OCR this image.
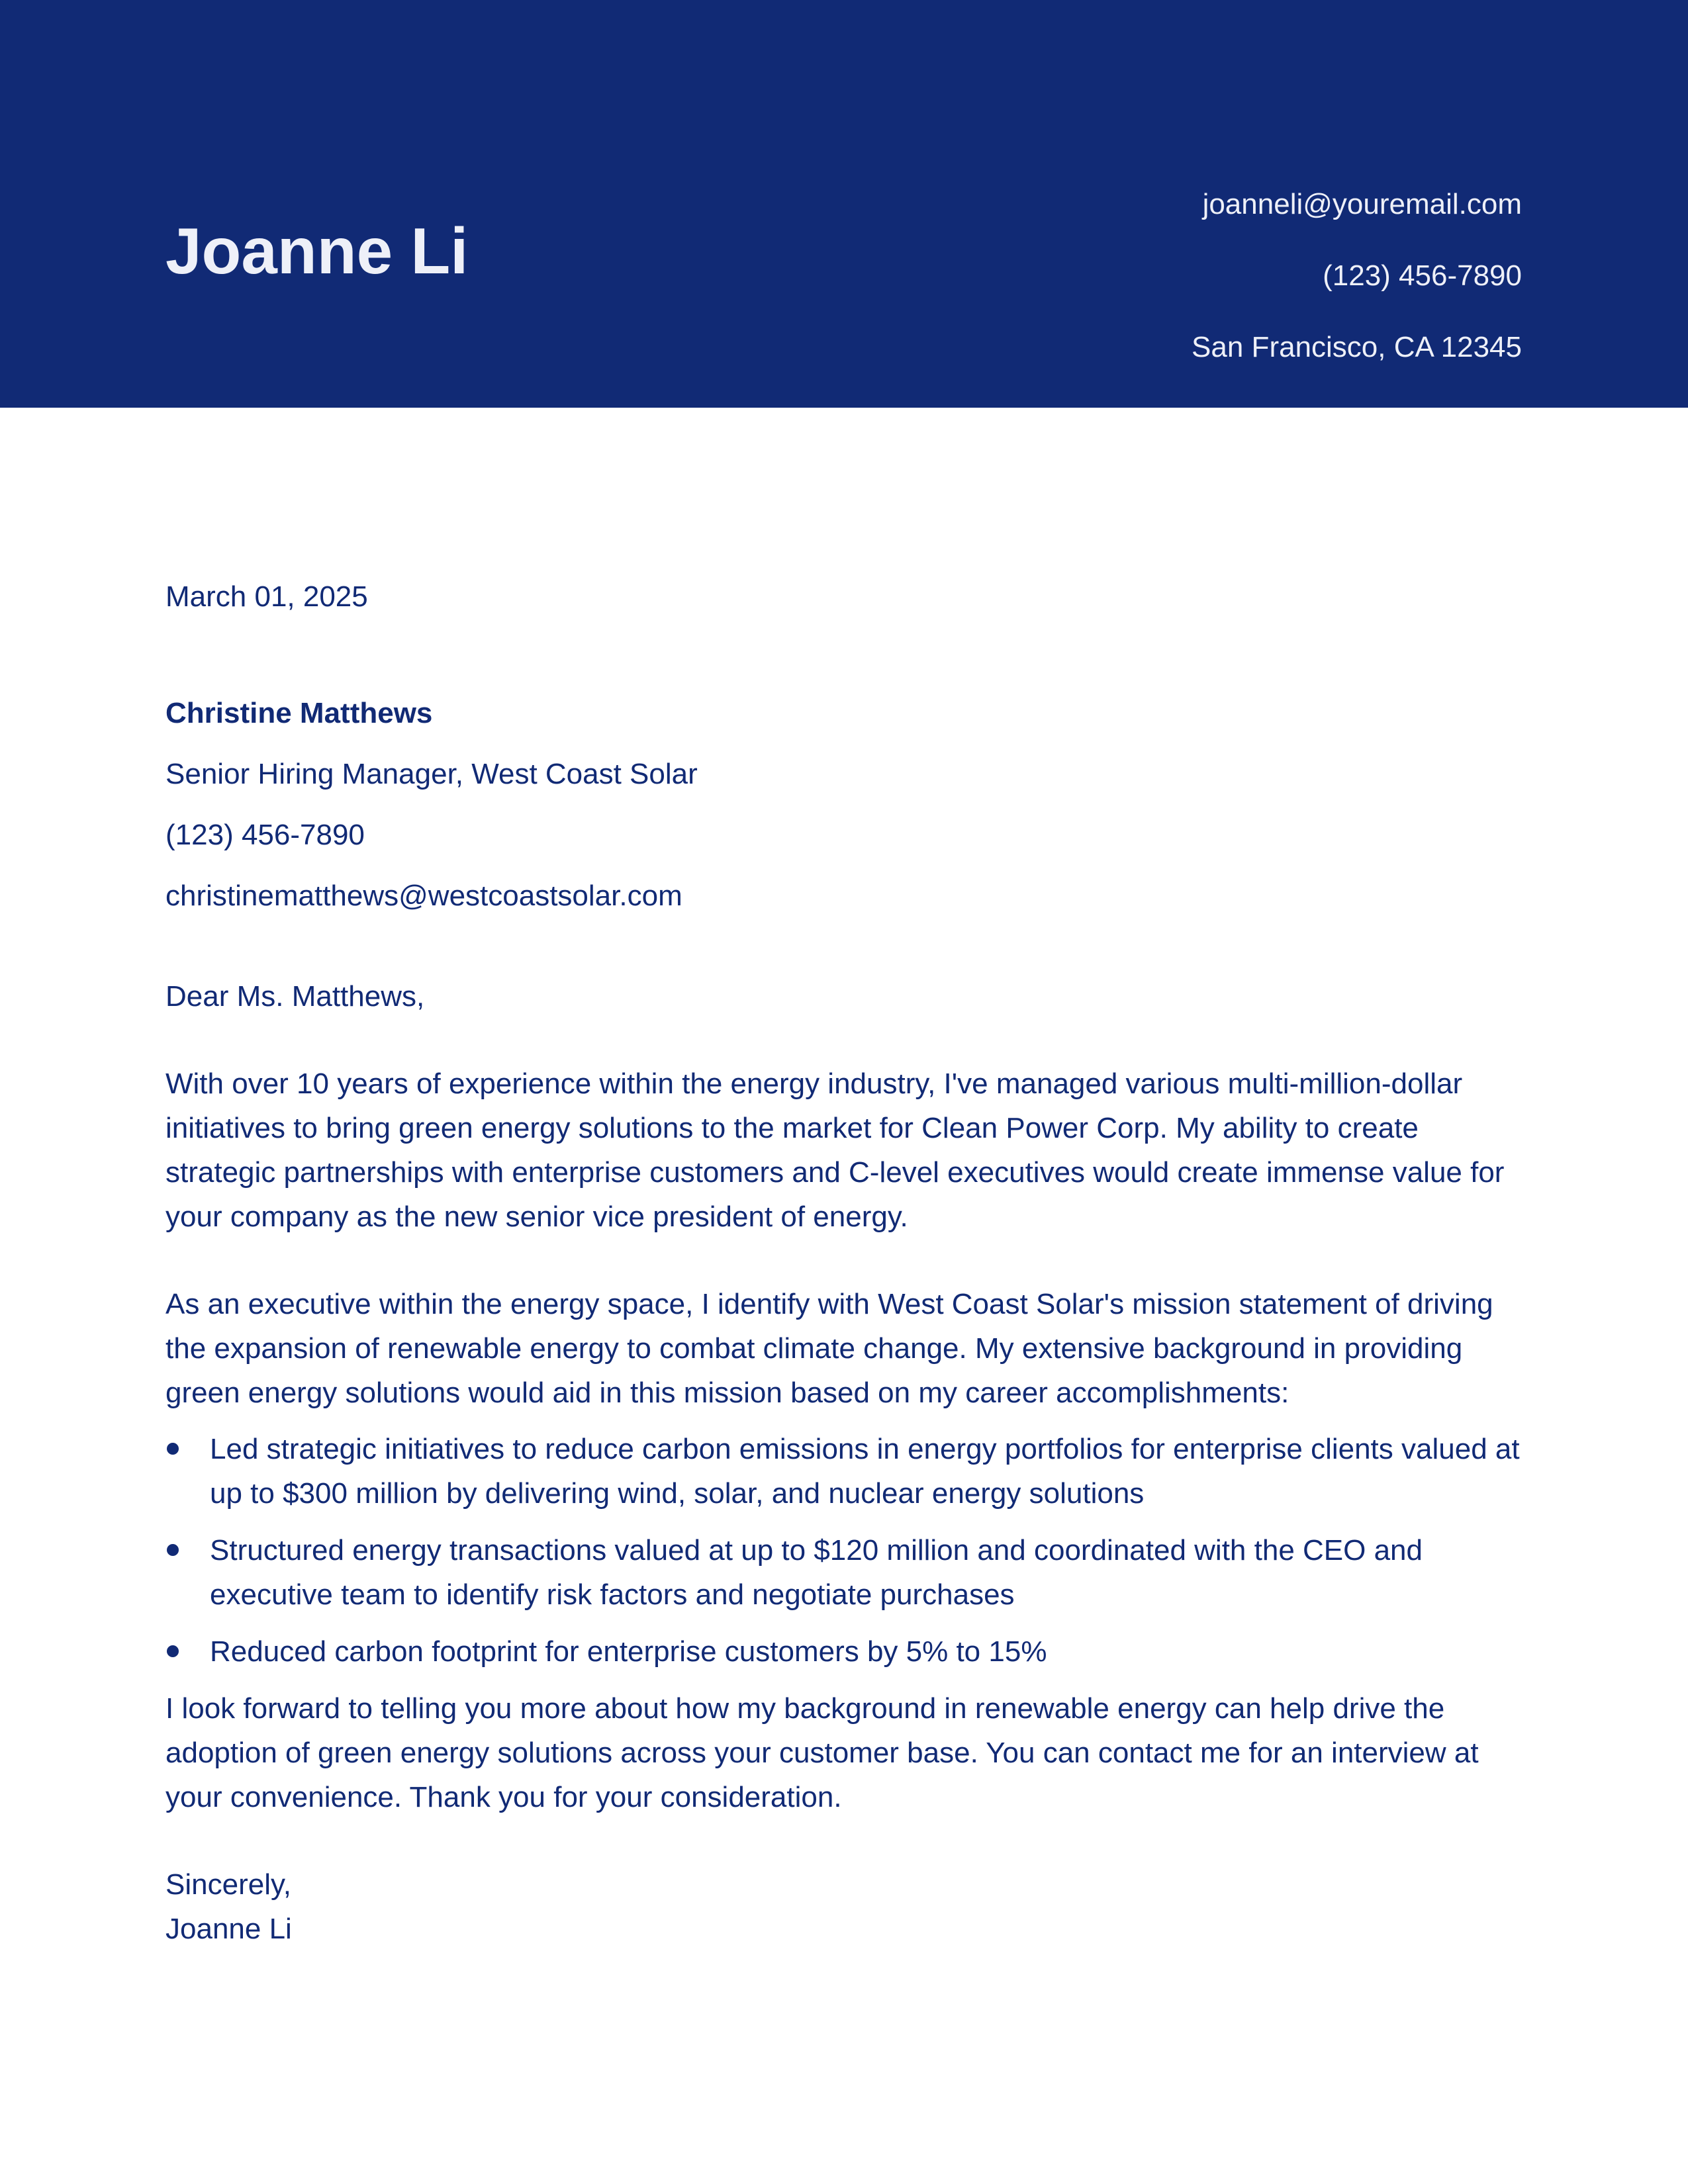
Joanne Li
joanneli@youremail.com
(123) 456-7890
San Francisco, CA 12345
March 01, 2025
Christine Matthews
Senior Hiring Manager, West Coast Solar
(123) 456-7890
christinematthews@westcoastsolar.com
Dear Ms. Matthews,
With over 10 years of experience within the energy industry, I've managed various multi-million-dollar initiatives to bring green energy solutions to the market for Clean Power Corp. My ability to create strategic partnerships with enterprise customers and C-level executives would create immense value for your company as the new senior vice president of energy.
As an executive within the energy space, I identify with West Coast Solar's mission statement of driving the expansion of renewable energy to combat climate change. My extensive background in providing green energy solutions would aid in this mission based on my career accomplishments:
Led strategic initiatives to reduce carbon emissions in energy portfolios for enterprise clients valued at up to $300 million by delivering wind, solar, and nuclear energy solutions
Structured energy transactions valued at up to $120 million and coordinated with the CEO and executive team to identify risk factors and negotiate purchases
Reduced carbon footprint for enterprise customers by 5% to 15%
I look forward to telling you more about how my background in renewable energy can help drive the adoption of green energy solutions across your customer base. You can contact me for an interview at your convenience. Thank you for your consideration.
Sincerely,
Joanne Li
